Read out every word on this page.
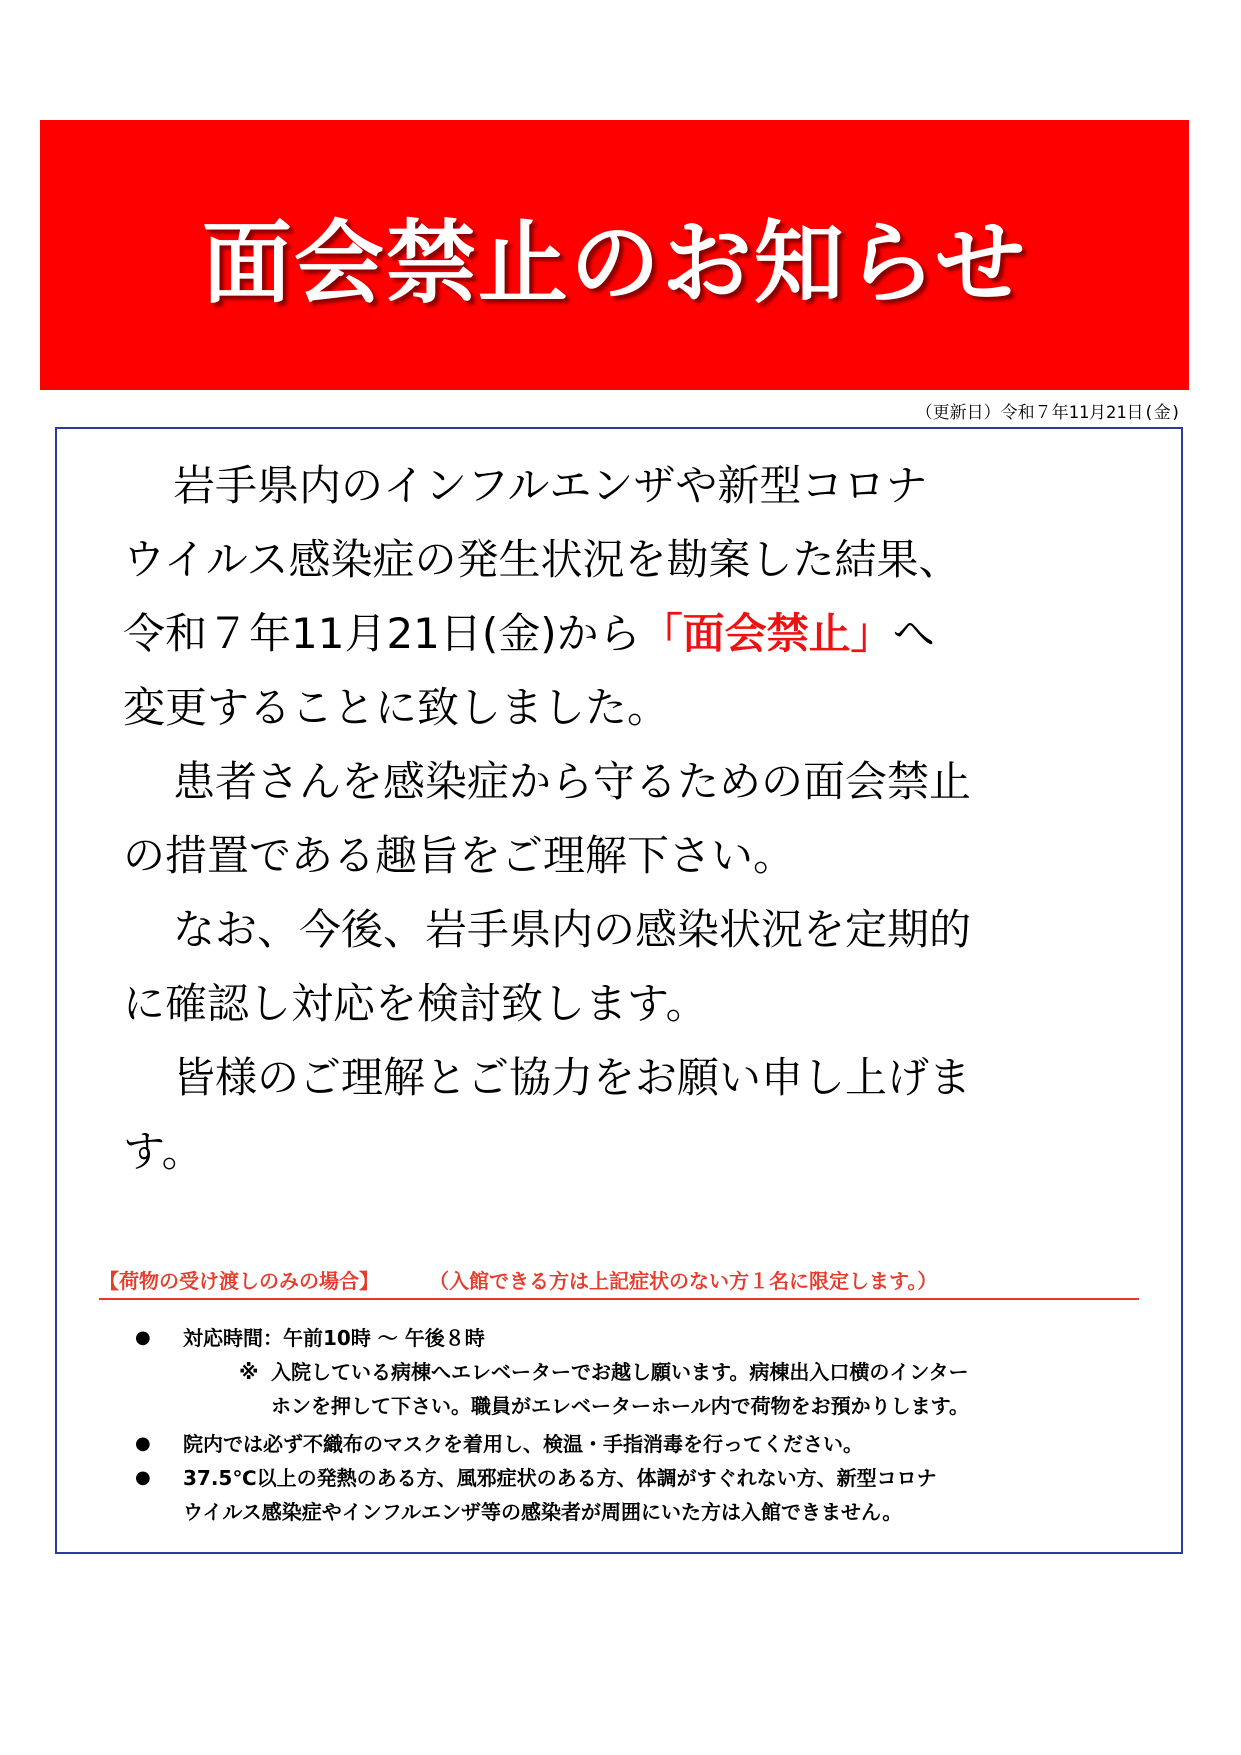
面会禁止のお知らせ
（更新日）令和７年11月21日(金)

岩手県内のインフルエンザや新型コロナ

ウイルス感染症の発生状況を勘案した結果、

令和７年11月21日(金)から「面会禁止」へ

変更することに致しました。

患者さんを感染症から守るための面会禁止

の措置である趣旨をご理解下さい。

なお、今後、岩手県内の感染状況を定期的

に確認し対応を検討致します。

皆様のご理解とご協力をお願い申し上げま

す。

【荷物の受け渡しのみの場合】	（入館できる方は上記症状のない方１名に限定します。）
●	対応時間：午前10時 ～ 午後８時
※ 入院している病棟へエレベーターでお越し願います。病棟出入口横のインター
ホンを押して下さい。職員がエレベーターホール内で荷物をお預かりします。
●	院内では必ず不織布のマスクを着用し、検温・手指消毒を行ってください。
●	37.5℃以上の発熱のある方、風邪症状のある方、体調がすぐれない方、新型コロナ
ウイルス感染症やインフルエンザ等の感染者が周囲にいた方は入館できません。
